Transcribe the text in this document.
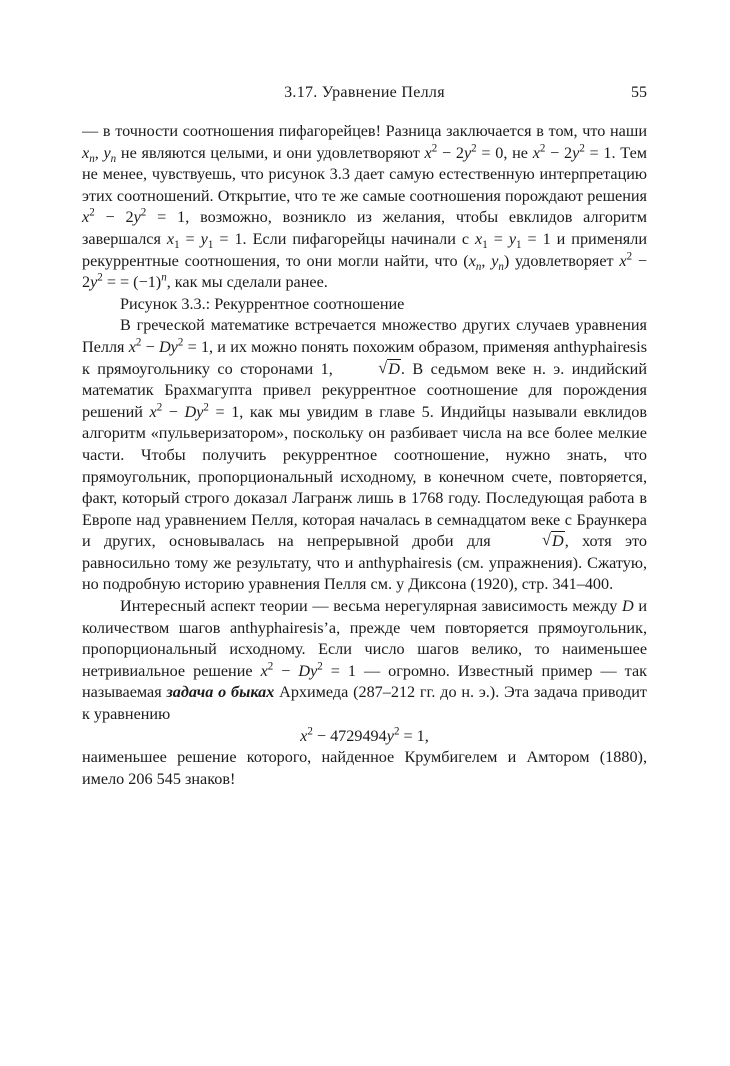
3.17. Уравнение Пелля	55

— в точности соотношения пифагорейцев! Разница заключается в том, что наши $x_n$, $y_n$ не являются целыми, и они удовлетворяют $x^2 - 2y^2 = 0$, не $x^2 - 2y^2 = 1$. Тем не менее, чувствуешь, что рисунок 3.3 дает самую естественную интерпретацию этих соотношений. Открытие, что те же самые соотношения порождают решения $x^2 - 2y^2 = 1$, возможно, возникло из желания, чтобы евклидов алгоритм завершался $x_1 = y_1 = 1$. Если пифагорейцы начинали с $x_1 = y_1 = 1$ и применяли рекуррентные соотношения, то они могли найти, что ($x_n$, $y_n$) удовлетворяет $x^2 - 2y^2$ = = $(-1)^n$, как мы сделали ранее.

Рисунок 3.3.: Рекуррентное соотношение

В греческой математике встречается множество других случаев уравнения Пелля $x^2 - Dy^2 = 1$, и их можно понять похожим образом, применяя anthyphairesis к прямоугольнику со сторонами 1,	√ D. В седьмом веке н. э. индийский математик Брахмагупта привел рекуррентное соотношение для порождения решений $x^2 - Dy^2 = 1$, как мы увидим в главе 5. Индийцы называли евклидов алгоритм «пульверизатором», поскольку он разбивает числа на все более мелкие части. Чтобы получить рекуррентное соотношение, нужно знать, что прямоугольник, пропорциональный исходному, в конечном счете, повторяется, факт, который строго доказал Лагранж лишь в 1768 году. Последующая работа в Европе над уравнением Пелля, которая началась в семнадцатом веке с Браункера и других, основывалась на непрерывной дроби для	√ D, хотя это равносильно тому же результату, что и anthyphairesis (см. упражнения). Сжатую, но подробную историю уравнения Пелля см. у Диксона (1920), стр. 341–400.

Интересный аспект теории — весьма нерегулярная зависимость между D и количеством шагов anthyphairesis’a, прежде чем повторяется прямоугольник, пропорциональный исходному. Если число шагов велико, то наименьшее нетривиальное решение $x^2 - Dy^2 = 1$ — огромно. Известный пример — так называемая задача о быках Архимеда (287–212 гг. до н. э.). Эта задача приводит к уравнению

$x^2 - 4729494y^2 = 1$,

наименьшее решение которого, найденное Крумбигелем и Амтором (1880), имело 206 545 знаков!
